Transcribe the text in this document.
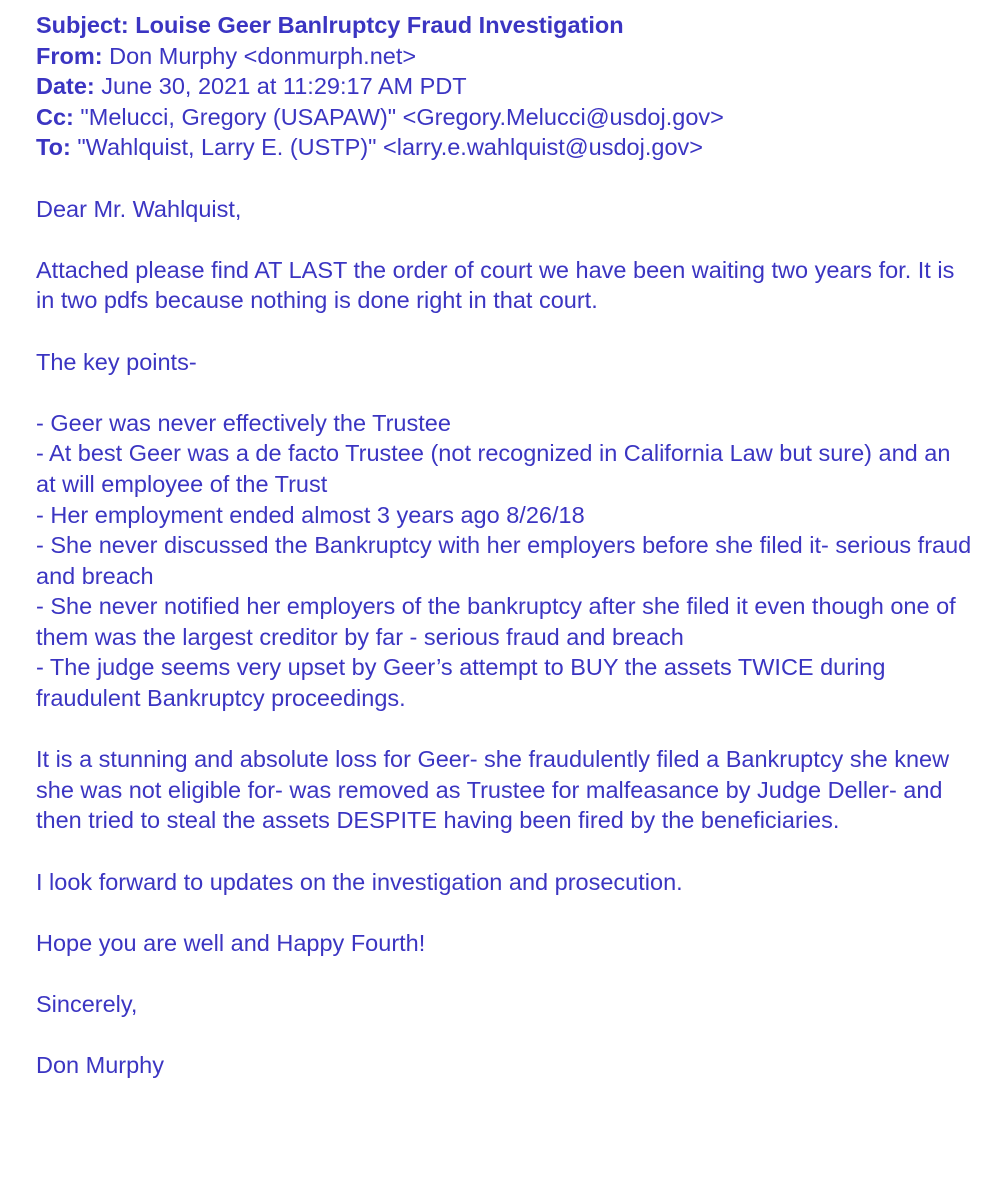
Subject: Louise Geer Banlruptcy Fraud Investigation
From: Don Murphy <donmurph.net>
Date: June 30, 2021 at 11:29:17 AM PDT
Cc: "Melucci, Gregory (USAPAW)" <Gregory.Melucci@usdoj.gov>
To: "Wahlquist, Larry E. (USTP)" <larry.e.wahlquist@usdoj.gov>

Dear Mr. Wahlquist,

Attached please find AT LAST the order of court we have been waiting two years for. It is in two pdfs because nothing is done right in that court.

The key points-

- Geer was never effectively the Trustee
- At best Geer was a de facto Trustee (not recognized in California Law but sure) and an at will employee of the Trust
- Her employment ended almost 3 years ago 8/26/18
- She never discussed the Bankruptcy with her employers before she filed it- serious fraud and breach
- She never notified her employers of the bankruptcy after she filed it even though one of them was the largest creditor by far - serious fraud and breach
- The judge seems very upset by Geer’s attempt to BUY the assets TWICE during fraudulent Bankruptcy proceedings.

It is a stunning and absolute loss for Geer- she fraudulently filed a Bankruptcy she knew she was not eligible for- was removed as Trustee for malfeasance by Judge Deller- and then tried to steal the assets DESPITE having been fired by the beneficiaries.

I look forward to updates on the investigation and prosecution.

Hope you are well and Happy Fourth!

Sincerely,

Don Murphy
